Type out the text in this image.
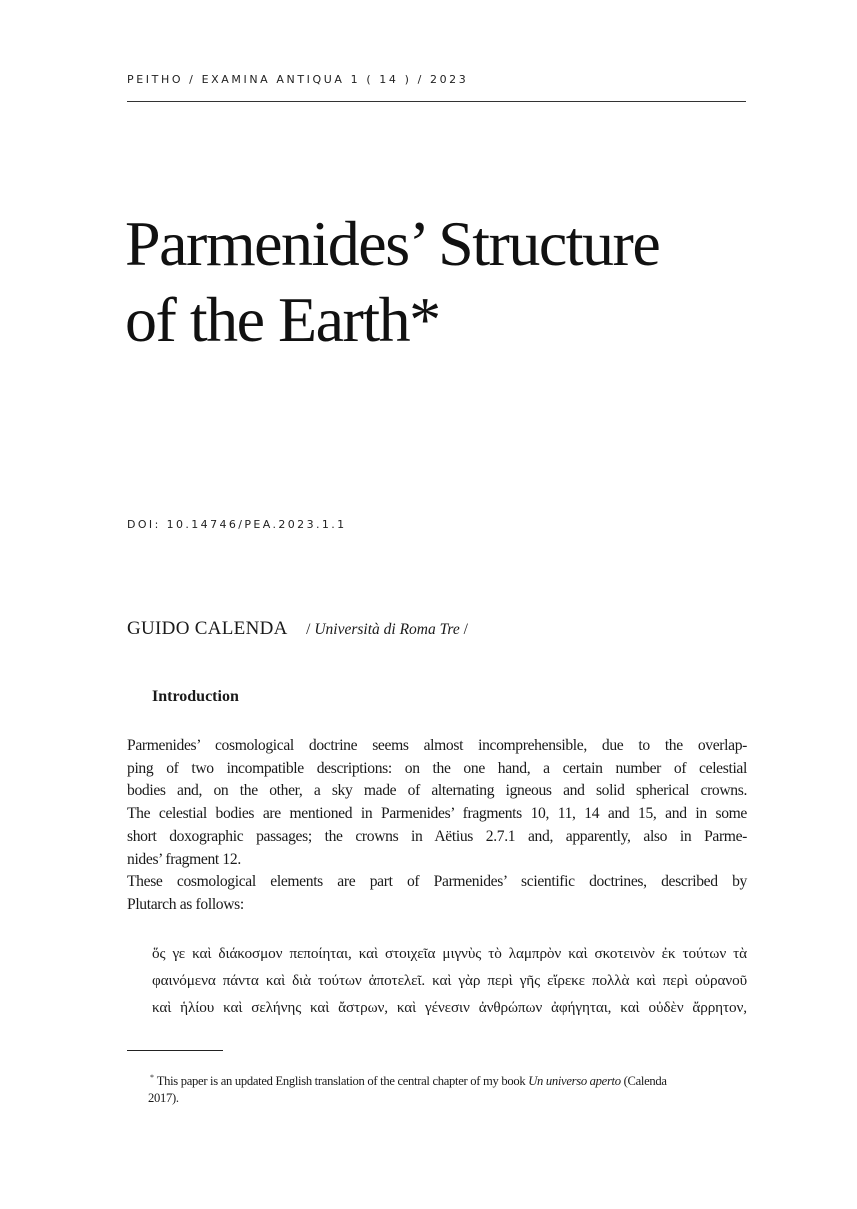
PEITHO / EXAMINA ANTIQUA 1 ( 14 ) / 2023
Parmenides’ Structure
of the Earth*
DOI: 10.14746/PEA.2023.1.1
GUIDO CALENDA / Università di Roma Tre /
Introduction
Parmenides’ cosmological doctrine seems almost incomprehensible, due to the overlap-
ping of two incompatible descriptions: on the one hand, a certain number of celestial
bodies and, on the other, a sky made of alternating igneous and solid spherical crowns.
The celestial bodies are mentioned in Parmenides’ fragments 10, 11, 14 and 15, and in some
short doxographic passages; the crowns in Aëtius 2.7.1 and, apparently, also in Parme-
nides’ fragment 12.
These cosmological elements are part of Parmenides’ scientific doctrines, described by
Plutarch as follows:
ὅς γε καὶ διάκοσμον πεποίηται, καὶ στοιχεῖα μιγνὺς τὸ λαμπρὸν καὶ σκοτεινὸν ἐκ τούτων τὰ
φαινόμενα πάντα καὶ διὰ τούτων ἀποτελεῖ. καὶ γὰρ περὶ γῆς εἴρεκε πολλὰ καὶ περὶ οὐρανοῦ
καὶ ἡλίου καὶ σελήνης καὶ ἄστρων, καὶ γένεσιν ἀνθρώπων ἀφήγηται, καὶ οὐδὲν ἄρρητον,
* This paper is an updated English translation of the central chapter of my book Un universo aperto (Calenda
2017).
